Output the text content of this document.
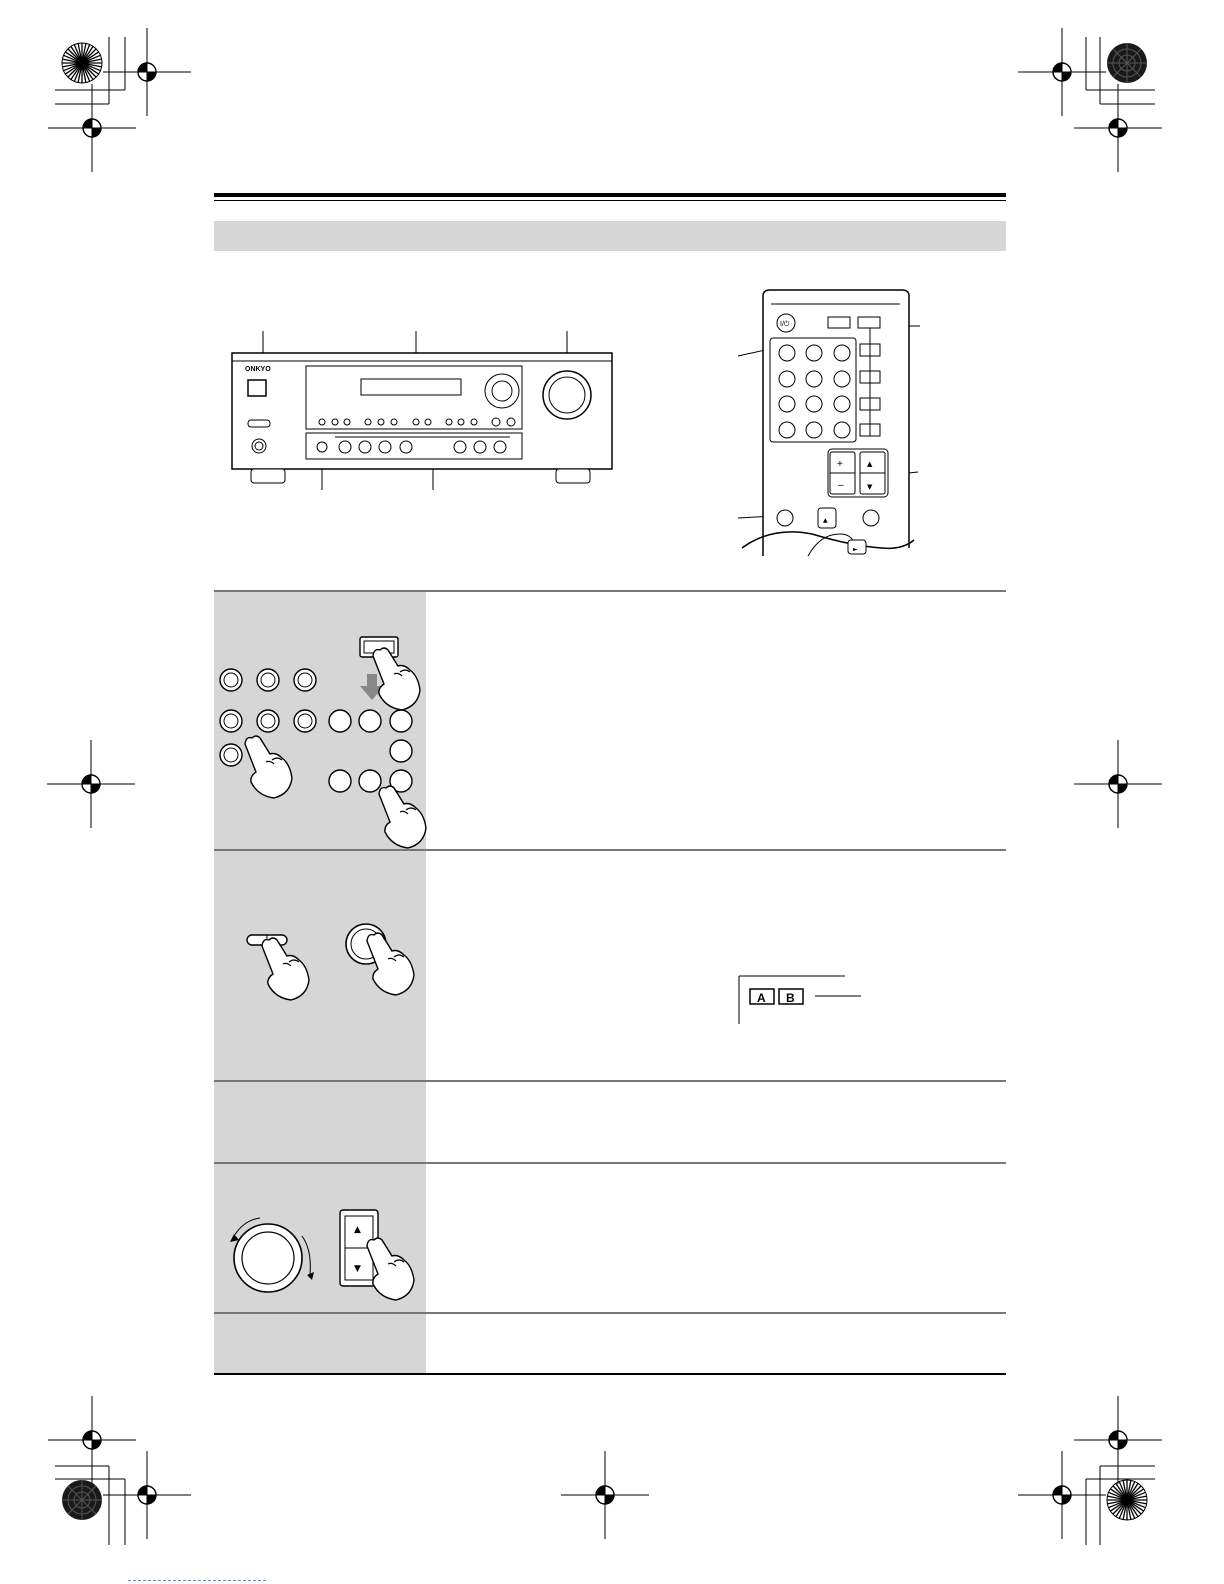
ONKYO
I/⏻
+
–
▲
▼
▲
►
A B
▲
▼
